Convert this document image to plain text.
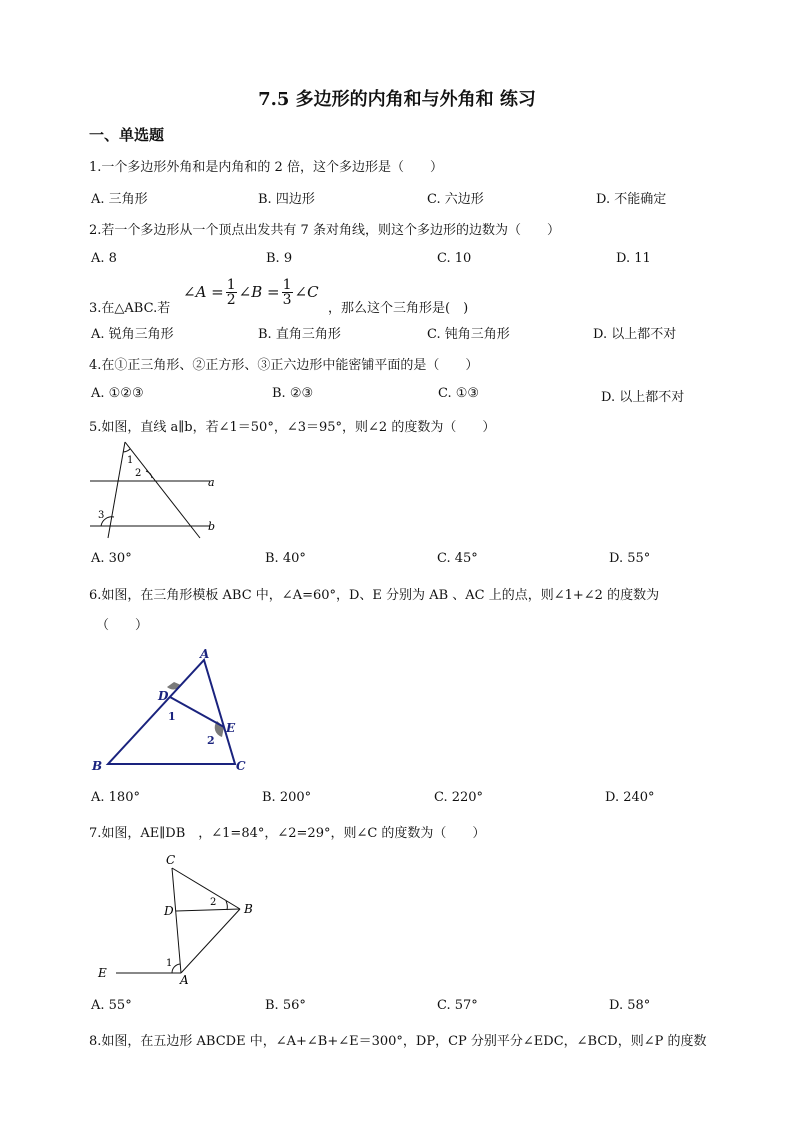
7.5 多边形的内角和与外角和 练习
一、单选题
1.一个多边形外角和是内角和的 2 倍，这个多边形是（　　）
A. 三角形	B. 四边形	C. 六边形	D. 不能确定
2.若一个多边形从一个顶点出发共有 7 条对角线，则这个多边形的边数为（　　）
A. 8	B. 9	C. 10	D. 11
3.在△ABC.若
∠A = $\frac{1}{2}$ ∠B = $\frac{1}{3}$ ∠C
，那么这个三角形是(　)
A. 锐角三角形	B. 直角三角形	C. 钝角三角形	D. 以上都不对
4.在①正三角形、②正方形、③正六边形中能密铺平面的是（　　）
A. ①②③	B. ②③	C. ①③	D. 以上都不对
5.如图，直线 a∥b，若∠1＝50°，∠3＝95°，则∠2 的度数为（　　）
1
2
3
a
b
A. 30°	B. 40°	C. 45°	D. 55°
6.如图，在三角形模板 ABC 中，∠A=60°，D、E 分别为 AB 、AC 上的点，则∠1+∠2 的度数为
（　　）
A
B	C
D
E
1
2
A. 180°	B. 200°	C. 220°	D. 240°
7.如图，AE∥DB　，∠1=84°，∠2=29°，则∠C 的度数为（　　）
C
D	B
E	A
1
2
A. 55°	B. 56°	C. 57°	D. 58°
8.如图，在五边形 ABCDE 中，∠A+∠B+∠E＝300°，DP，CP 分别平分∠EDC，∠BCD，则∠P 的度数
